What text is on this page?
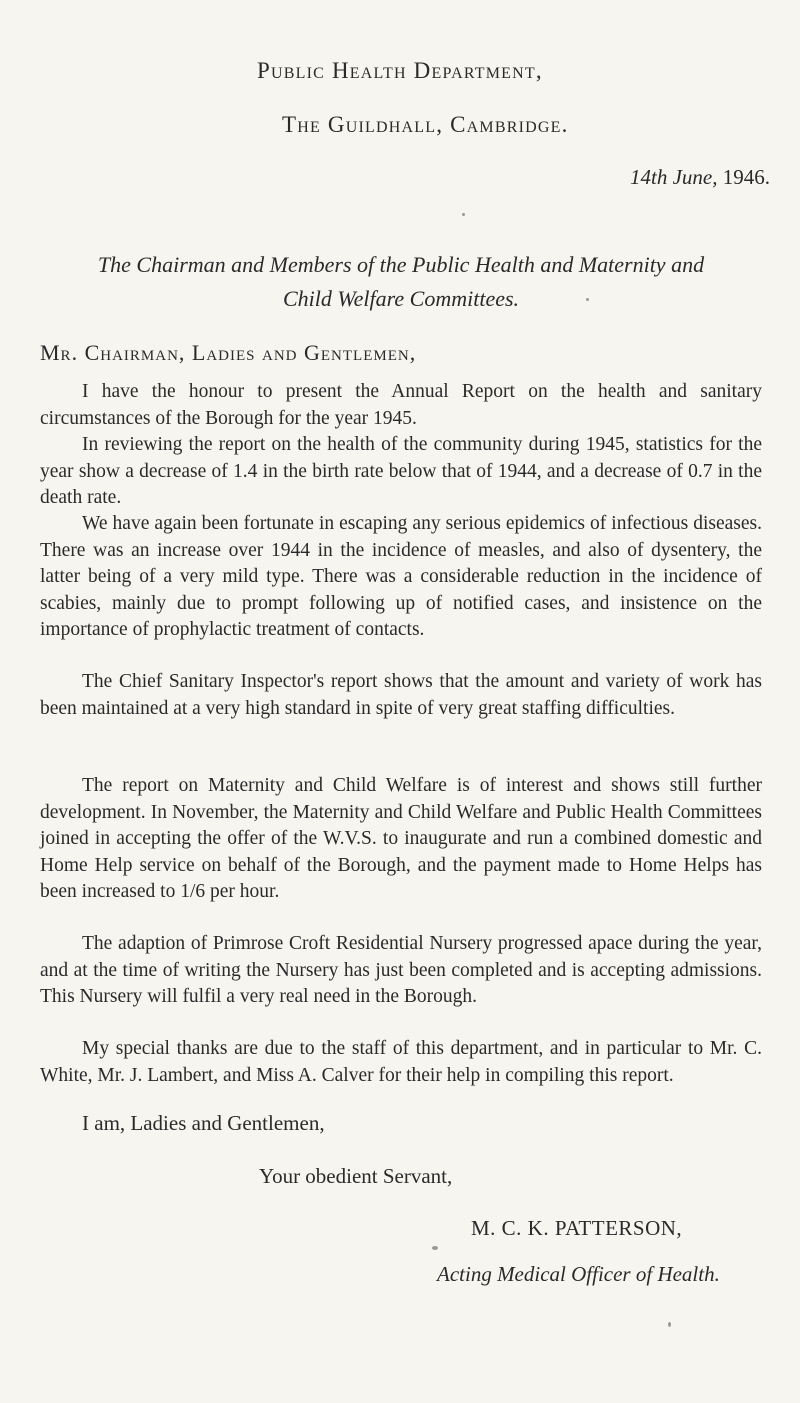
Public Health Department,
The Guildhall, Cambridge.
14th June, 1946.
The Chairman and Members of the Public Health and Maternity and
Child Welfare Committees.
Mr. Chairman, Ladies and Gentlemen,

I have the honour to present the Annual Report on the health and sanitary circumstances of the Borough for the year 1945.

In reviewing the report on the health of the community during 1945, statistics for the year show a decrease of 1.4 in the birth rate below that of 1944, and a decrease of 0.7 in the death rate.

We have again been fortunate in escaping any serious epidemics of infectious diseases. There was an increase over 1944 in the incidence of measles, and also of dysentery, the latter being of a very mild type. There was a considerable reduction in the incidence of scabies, mainly due to prompt following up of notified cases, and insistence on the importance of prophylactic treatment of contacts.

The Chief Sanitary Inspector's report shows that the amount and variety of work has been maintained at a very high standard in spite of very great staffing difficulties.

The report on Maternity and Child Welfare is of interest and shows still further development. In November, the Maternity and Child Welfare and Public Health Committees joined in accepting the offer of the W.V.S. to inaugurate and run a combined domestic and Home Help service on behalf of the Borough, and the payment made to Home Helps has been increased to 1/6 per hour.

The adaption of Primrose Croft Residential Nursery progressed apace during the year, and at the time of writing the Nursery has just been completed and is accepting admissions. This Nursery will fulfil a very real need in the Borough.

My special thanks are due to the staff of this department, and in particular to Mr. C. White, Mr. J. Lambert, and Miss A. Calver for their help in compiling this report.

I am, Ladies and Gentlemen,
Your obedient Servant,
M. C. K. PATTERSON,
Acting Medical Officer of Health.
